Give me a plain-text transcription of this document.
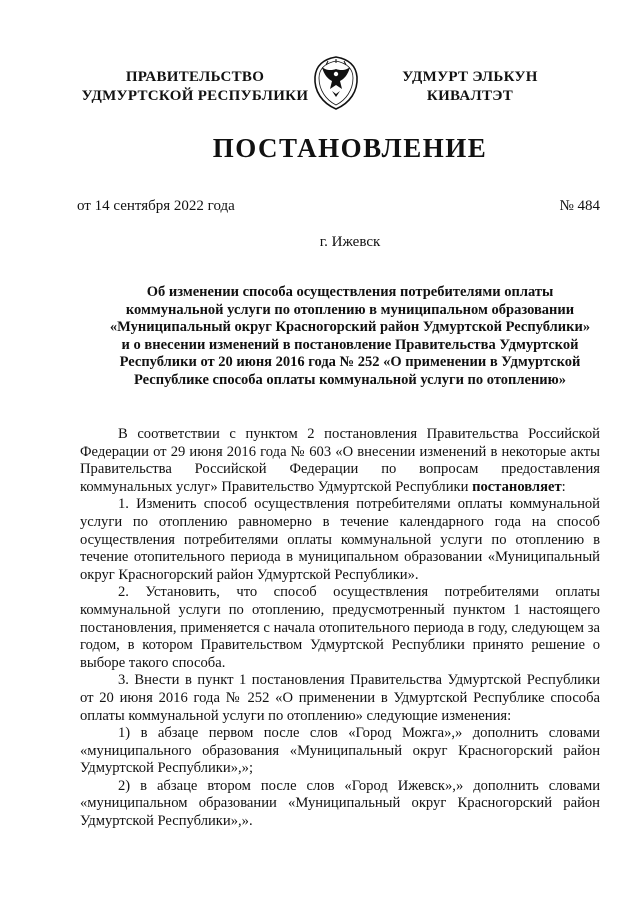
ПРАВИТЕЛЬСТВО
УДМУРТСКОЙ РЕСПУБЛИКИ
УДМУРТ ЭЛЬКУН
КИВАЛТЭТ
ПОСТАНОВЛЕНИЕ
от 14 сентября 2022 года	№ 484
г. Ижевск
Об изменении способа осуществления потребителями оплаты
коммунальной услуги по отоплению в муниципальном образовании
«Муниципальный округ Красногорский район Удмуртской Республики»
и о внесении изменений в постановление Правительства Удмуртской
Республики от 20 июня 2016 года № 252 «О применении в Удмуртской
Республике способа оплаты коммунальной услуги по отоплению»

В соответствии с пунктом 2 постановления Правительства Российской Федерации от 29 июня 2016 года № 603 «О внесении изменений в некоторые акты Правительства Российской Федерации по вопросам предоставления коммунальных услуг» Правительство Удмуртской Республики постановляет:

1. Изменить способ осуществления потребителями оплаты коммунальной услуги по отоплению равномерно в течение календарного года на способ осуществления потребителями оплаты коммунальной услуги по отоплению в течение отопительного периода в муниципальном образовании «Муниципальный округ Красногорский район Удмуртской Республики».

2. Установить, что способ осуществления потребителями оплаты коммунальной услуги по отоплению, предусмотренный пунктом 1 настоящего постановления, применяется с начала отопительного периода в году, следующем за годом, в котором Правительством Удмуртской Республики принято решение о выборе такого способа.

3. Внести в пункт 1 постановления Правительства Удмуртской Республики от 20 июня 2016 года № 252 «О применении в Удмуртской Республике способа оплаты коммунальной услуги по отоплению» следующие изменения:

1) в абзаце первом после слов «Город Можга»,» дополнить словами «муниципального образования «Муниципальный округ Красногорский район Удмуртской Республики»,»;

2) в абзаце втором после слов «Город Ижевск»,» дополнить словами «муниципальном образовании «Муниципальный округ Красногорский район Удмуртской Республики»,».
